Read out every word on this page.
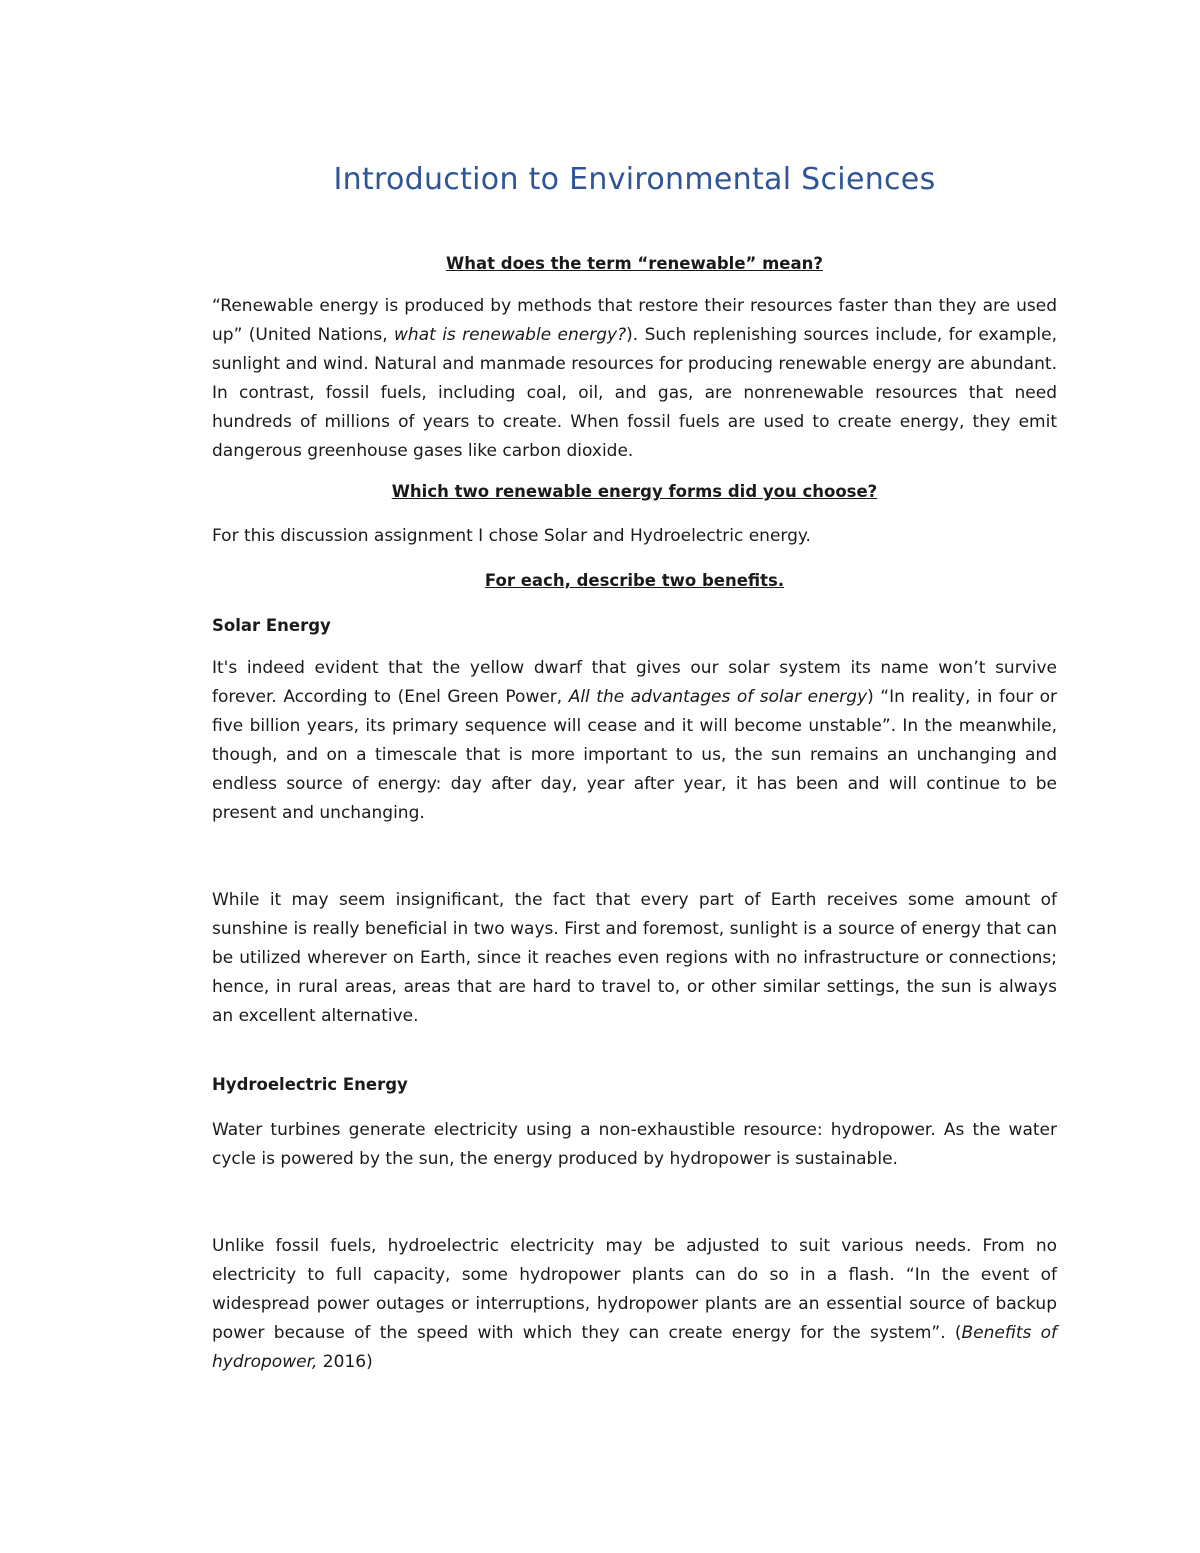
Introduction to Environmental Sciences

What does the term “renewable” mean?

“Renewable energy is produced by methods that restore their resources faster than they are used up” (United Nations, what is renewable energy?). Such replenishing sources include, for example, sunlight and wind. Natural and manmade resources for producing renewable energy are abundant. In contrast, fossil fuels, including coal, oil, and gas, are nonrenewable resources that need hundreds of millions of years to create. When fossil fuels are used to create energy, they emit dangerous greenhouse gases like carbon dioxide.

Which two renewable energy forms did you choose?

For this discussion assignment I chose Solar and Hydroelectric energy.

For each, describe two benefits.

Solar Energy

It's indeed evident that the yellow dwarf that gives our solar system its name won’t survive forever. According to (Enel Green Power, All the advantages of solar energy) “In reality, in four or five billion years, its primary sequence will cease and it will become unstable”. In the meanwhile, though, and on a timescale that is more important to us, the sun remains an unchanging and endless source of energy: day after day, year after year, it has been and will continue to be present and unchanging.

While it may seem insignificant, the fact that every part of Earth receives some amount of sunshine is really beneficial in two ways. First and foremost, sunlight is a source of energy that can be utilized wherever on Earth, since it reaches even regions with no infrastructure or connections; hence, in rural areas, areas that are hard to travel to, or other similar settings, the sun is always an excellent alternative.

Hydroelectric Energy

Water turbines generate electricity using a non-exhaustible resource: hydropower. As the water cycle is powered by the sun, the energy produced by hydropower is sustainable.

Unlike fossil fuels, hydroelectric electricity may be adjusted to suit various needs. From no electricity to full capacity, some hydropower plants can do so in a flash. “In the event of widespread power outages or interruptions, hydropower plants are an essential source of backup power because of the speed with which they can create energy for the system”. (Benefits of hydropower, 2016)
